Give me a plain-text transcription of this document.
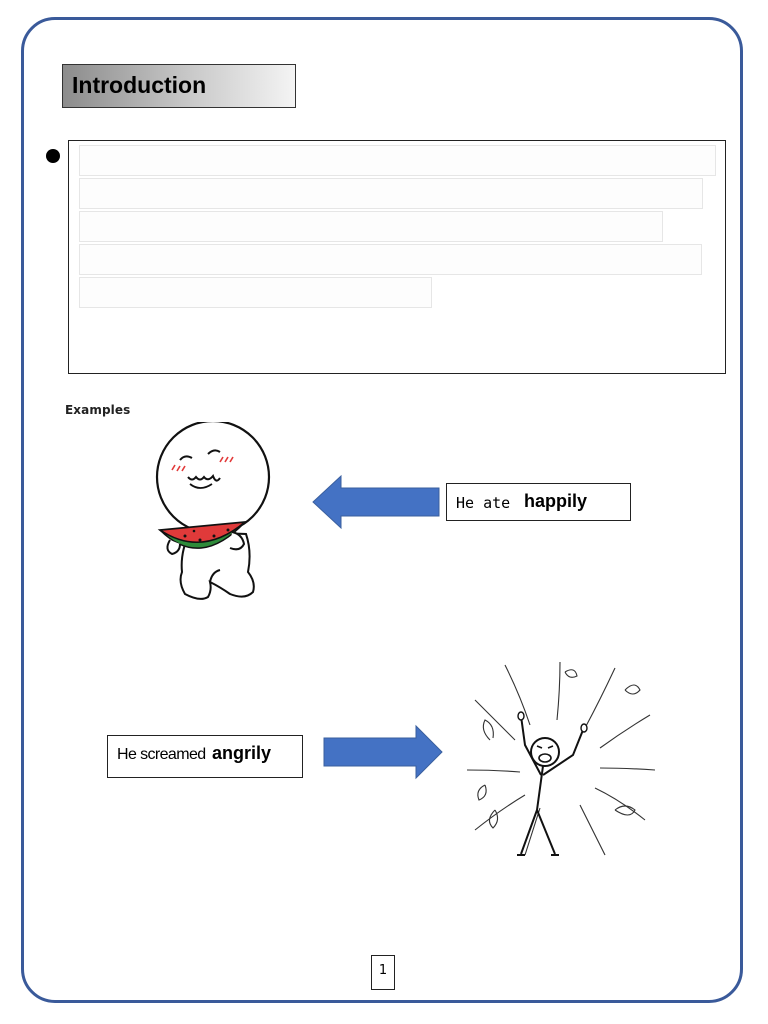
Introduction
Examples
He ate happily
He screamed angrily
1
